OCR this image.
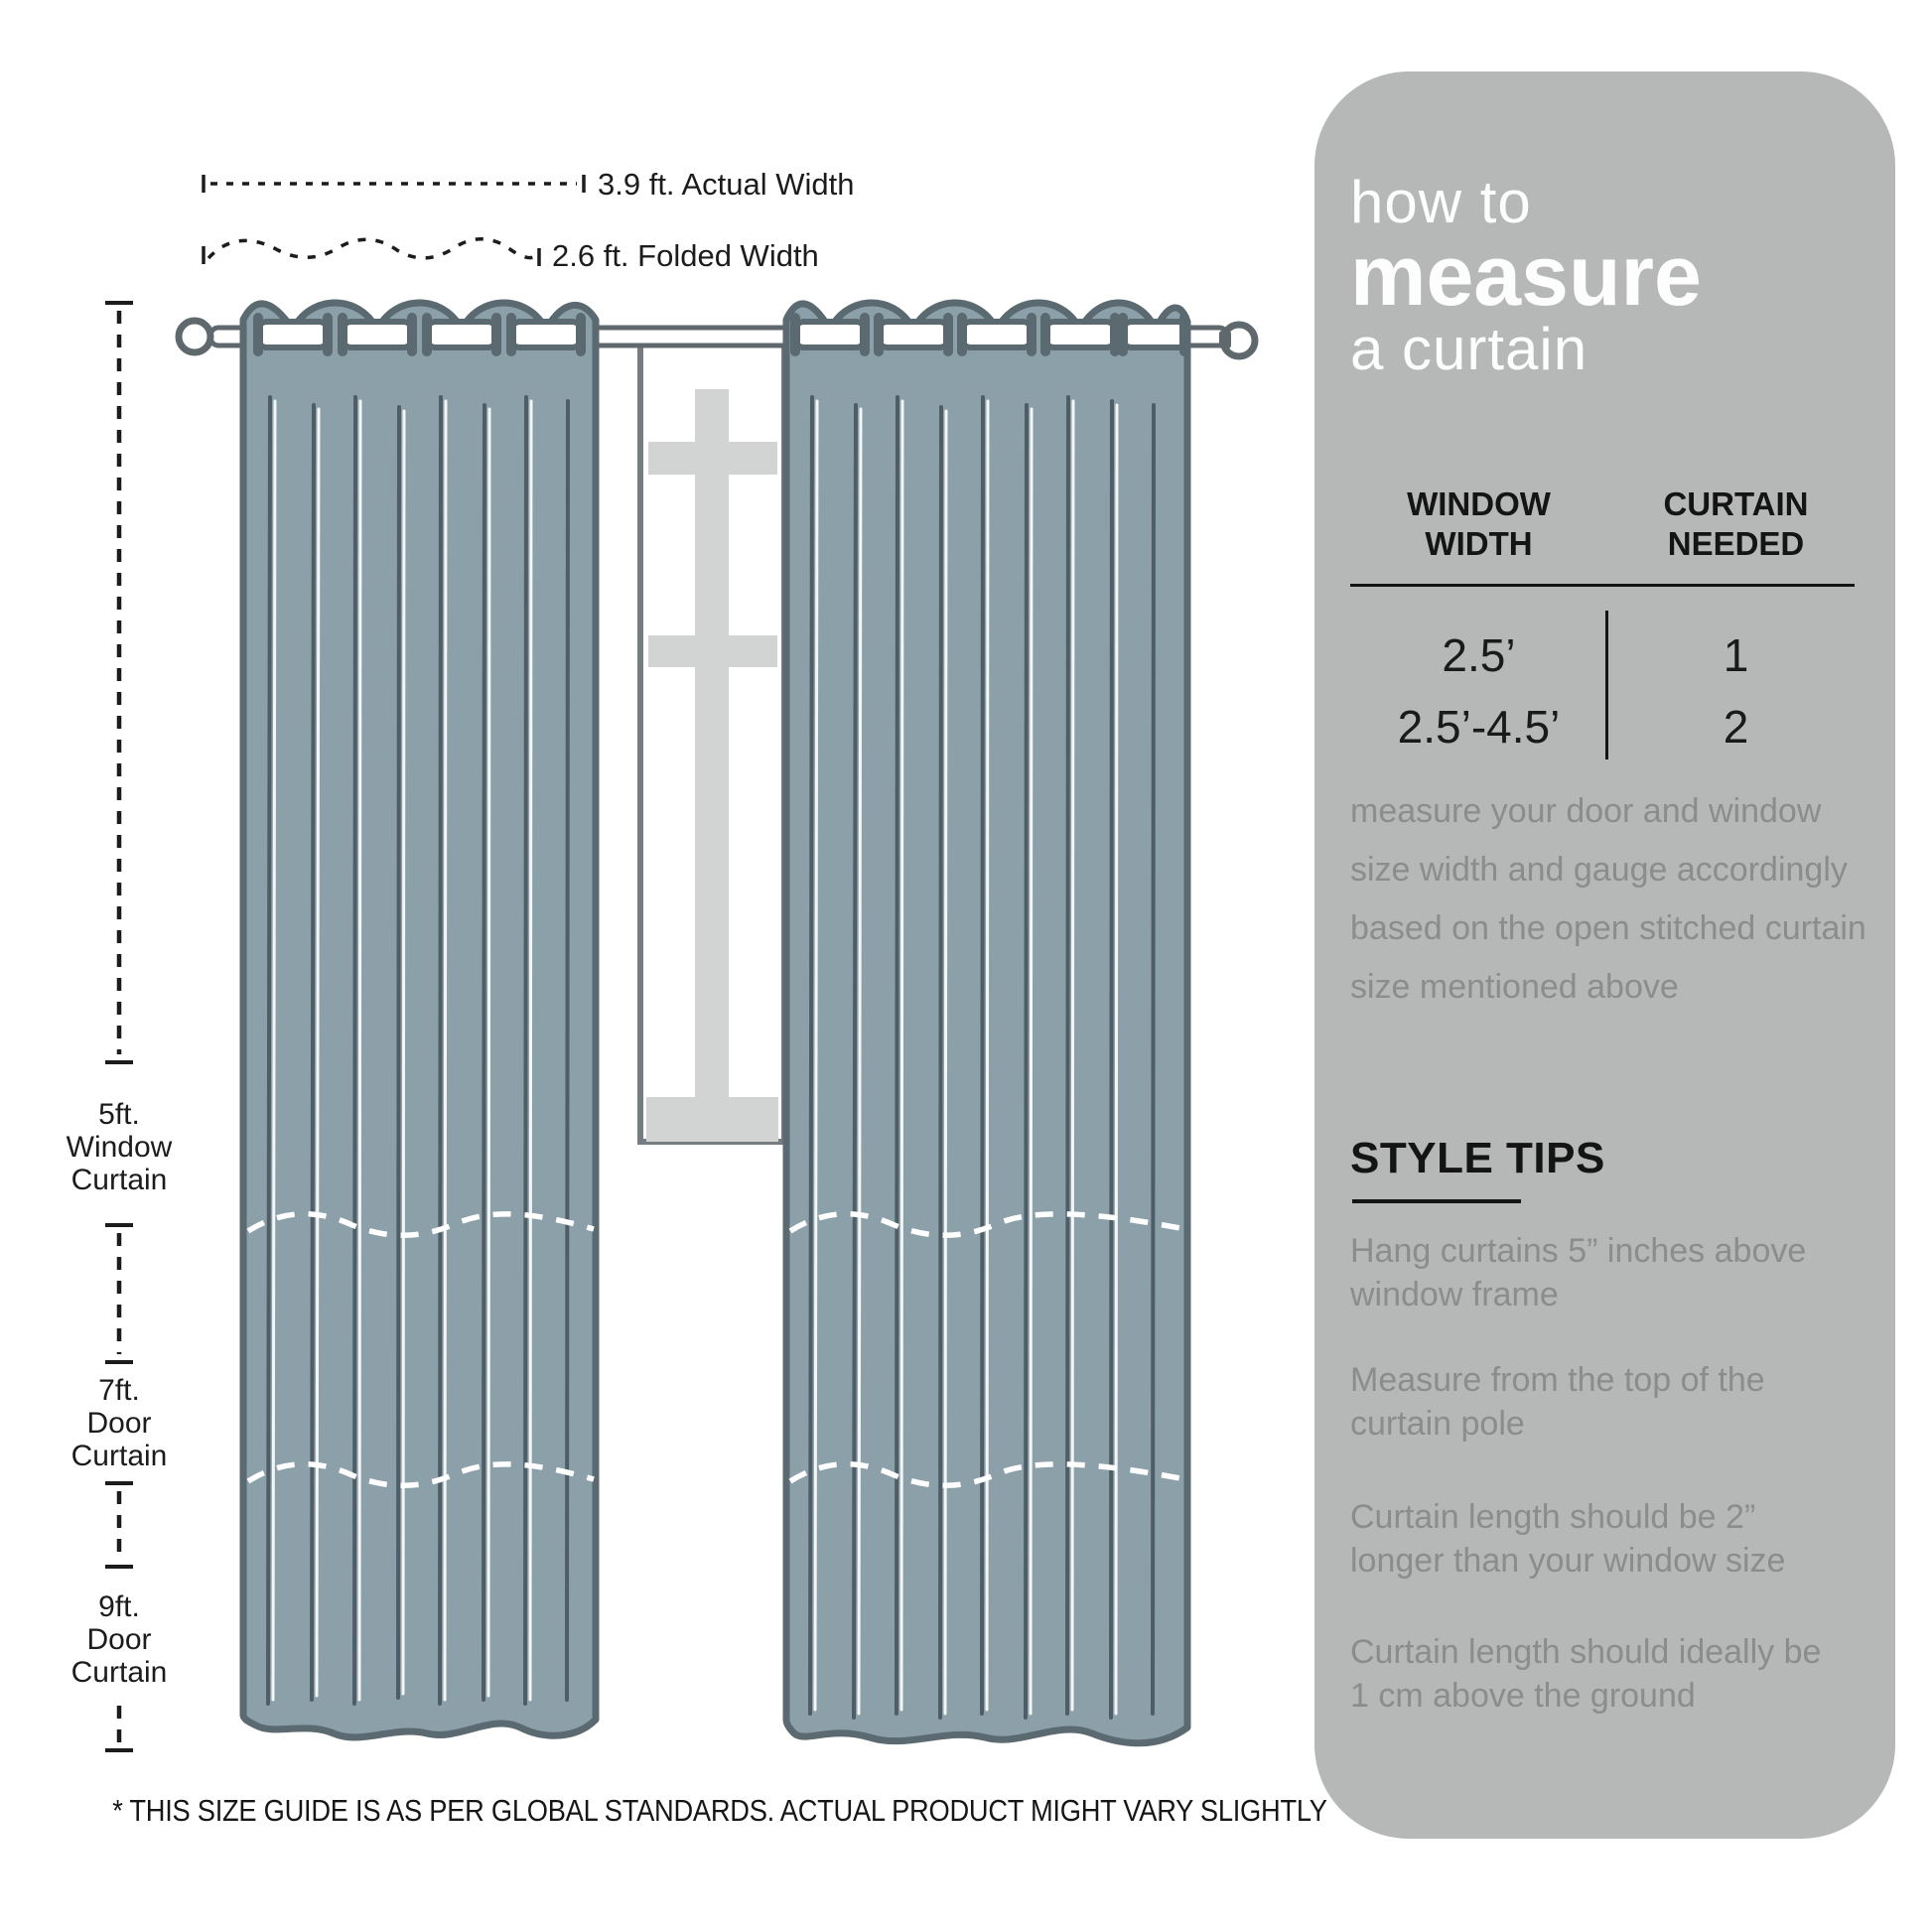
3.9 ft. Actual Width
2.6 ft. Folded Width
5ft.
Window
Curtain
7ft.
Door
Curtain
9ft.
Door
Curtain
* THIS SIZE GUIDE IS AS PER GLOBAL STANDARDS. ACTUAL PRODUCT MIGHT VARY SLIGHTLY
how to
measure
a curtain
WINDOW
WIDTH
CURTAIN
NEEDED
2.5’	1
2.5’-4.5’	2
measure your door and window
size width and gauge accordingly
based on the open stitched curtain
size mentioned above
STYLE TIPS
Hang curtains 5” inches above
window frame
Measure from the top of the
curtain pole
Curtain length should be 2”
longer than your window size
Curtain length should ideally be
1 cm above the ground
